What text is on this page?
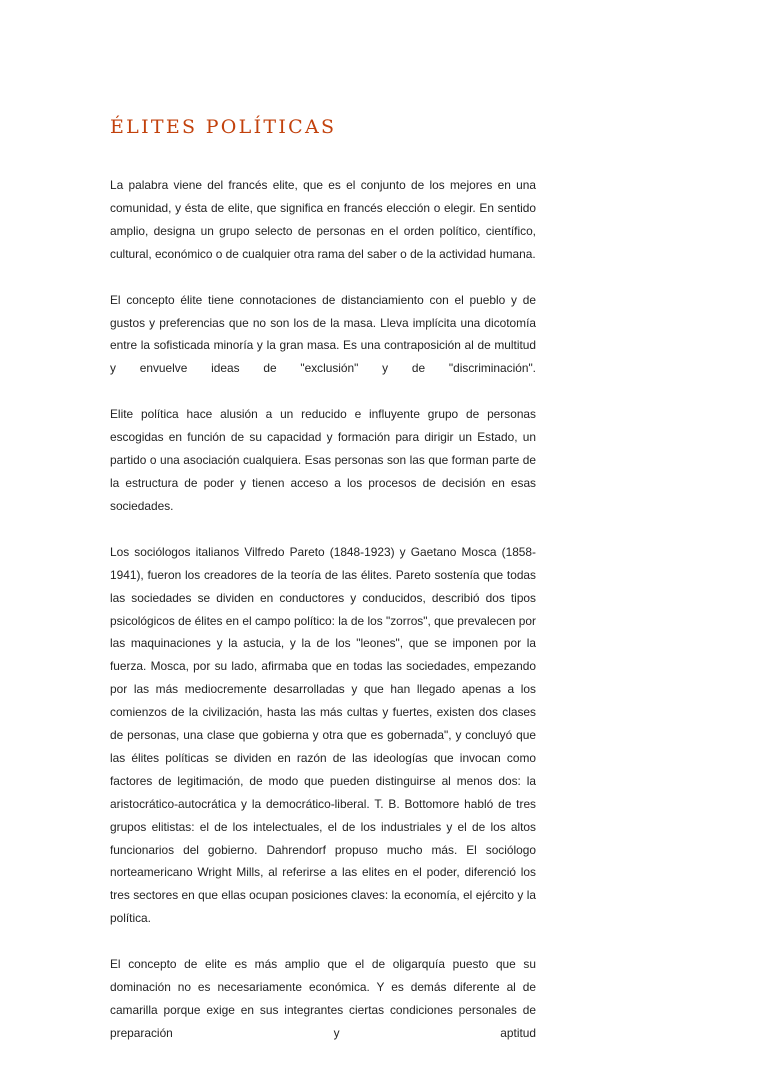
ÉLITES POLÍTICAS

La palabra viene del francés elite, que es el conjunto de los mejores en una comunidad, y ésta de elite, que significa en francés elección o elegir. En sentido amplio, designa un grupo selecto de personas en el orden político, científico, cultural, económico o de cualquier otra rama del saber o de la actividad humana.

El concepto élite tiene connotaciones de distanciamiento con el pueblo y de gustos y preferencias que no son los de la masa. Lleva implícita una dicotomía entre la sofisticada minoría y la gran masa. Es una contraposición al de multitud y envuelve ideas de "exclusión" y de "discriminación".

Elite política hace alusión a un reducido e influyente grupo de personas escogidas en función de su capacidad y formación para dirigir un Estado, un partido o una asociación cualquiera. Esas personas son las que forman parte de la estructura de poder y tienen acceso a los procesos de decisión en esas sociedades.

Los sociólogos italianos Vilfredo Pareto (1848-1923) y Gaetano Mosca (1858-1941), fueron los creadores de la teoría de las élites. Pareto sostenía que todas las sociedades se dividen en conductores y conducidos, describió dos tipos psicológicos de élites en el campo político: la de los "zorros", que prevalecen por las maquinaciones y la astucia, y la de los "leones", que se imponen por la fuerza. Mosca, por su lado, afirmaba que en todas las sociedades, empezando por las más mediocremente desarrolladas y que han llegado apenas a los comienzos de la civilización, hasta las más cultas y fuertes, existen dos clases de personas, una clase que gobierna y otra que es gobernada", y concluyó que las élites políticas se dividen en razón de las ideologías que invocan como factores de legitimación, de modo que pueden distinguirse al menos dos: la aristocrático-autocrática y la democrático-liberal. T. B. Bottomore habló de tres grupos elitistas: el de los intelectuales, el de los industriales y el de los altos funcionarios del gobierno. Dahrendorf propuso mucho más. El sociólogo norteamericano Wright Mills, al referirse a las elites en el poder, diferenció los tres sectores en que ellas ocupan posiciones claves: la economía, el ejército y la política.

El concepto de elite es más amplio que el de oligarquía puesto que su dominación no es necesariamente económica. Y es demás diferente al de camarilla porque exige en sus integrantes ciertas condiciones personales de preparación y aptitud
